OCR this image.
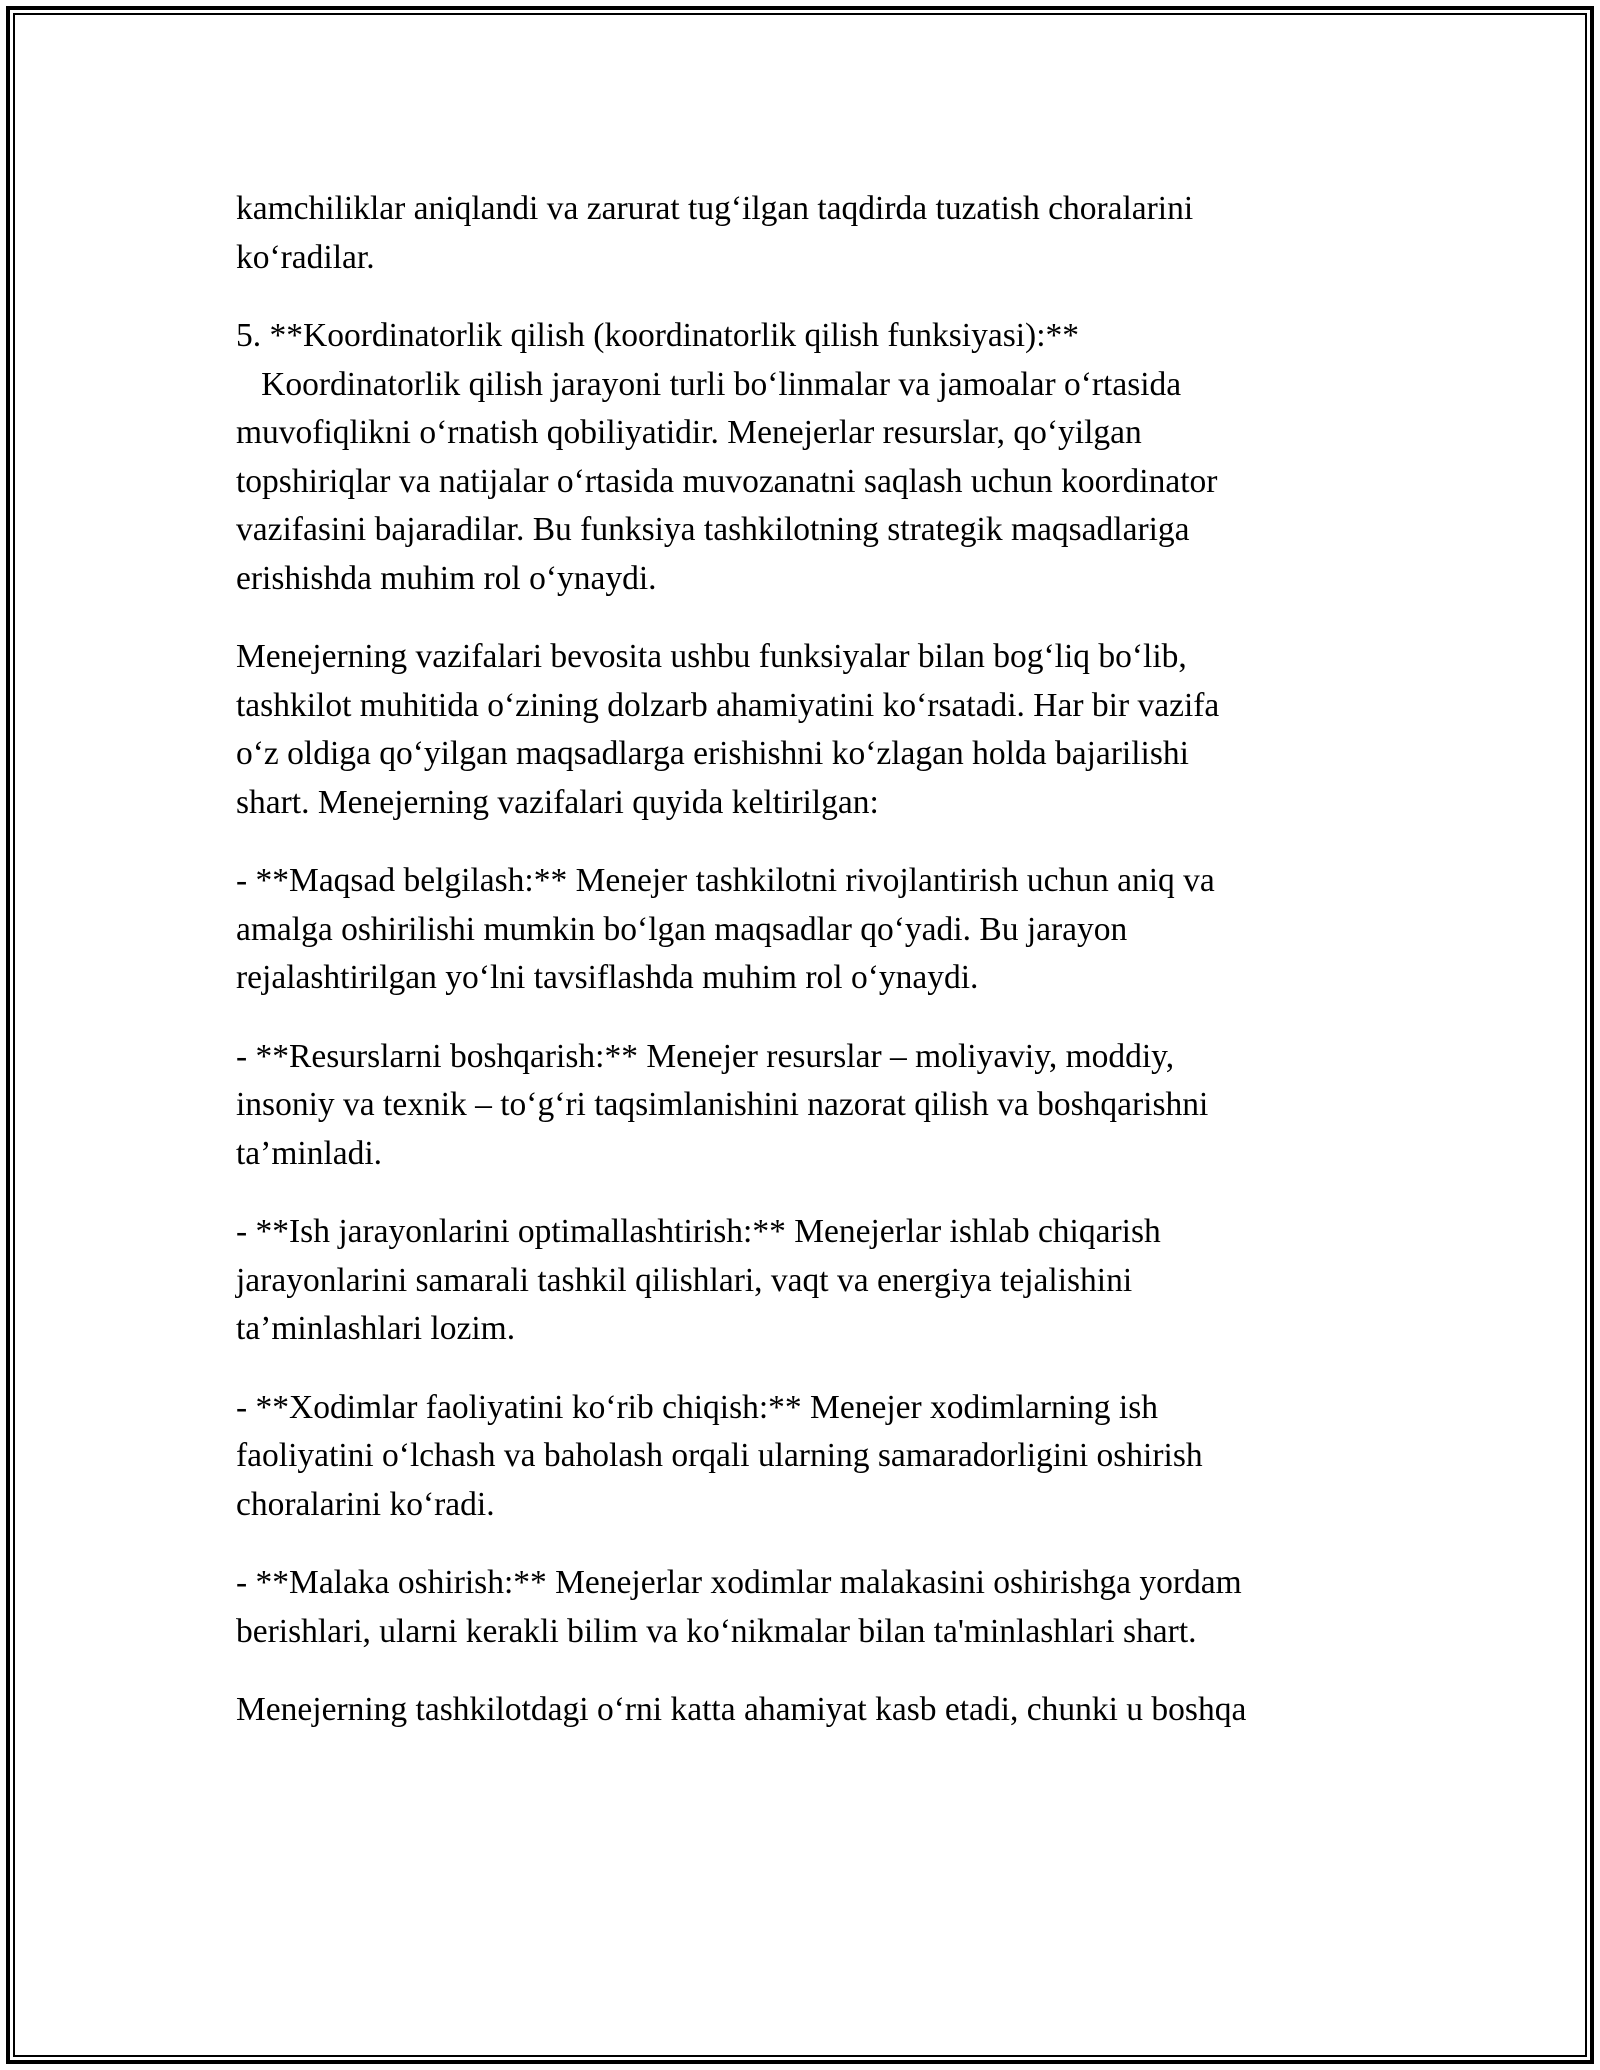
kamchiliklar aniqlandi va zarurat tug‘ilgan taqdirda tuzatish choralarini
ko‘radilar.
5. **Koordinatorlik qilish (koordinatorlik qilish funksiyasi):**
Koordinatorlik qilish jarayoni turli bo‘linmalar va jamoalar o‘rtasida
muvofiqlikni o‘rnatish qobiliyatidir. Menejerlar resurslar, qo‘yilgan
topshiriqlar va natijalar o‘rtasida muvozanatni saqlash uchun koordinator
vazifasini bajaradilar. Bu funksiya tashkilotning strategik maqsadlariga
erishishda muhim rol o‘ynaydi.
Menejerning vazifalari bevosita ushbu funksiyalar bilan bog‘liq bo‘lib,
tashkilot muhitida o‘zining dolzarb ahamiyatini ko‘rsatadi. Har bir vazifa
o‘z oldiga qo‘yilgan maqsadlarga erishishni ko‘zlagan holda bajarilishi
shart. Menejerning vazifalari quyida keltirilgan:
- **Maqsad belgilash:** Menejer tashkilotni rivojlantirish uchun aniq va
amalga oshirilishi mumkin bo‘lgan maqsadlar qo‘yadi. Bu jarayon
rejalashtirilgan yo‘lni tavsiflashda muhim rol o‘ynaydi.
- **Resurslarni boshqarish:** Menejer resurslar – moliyaviy, moddiy,
insoniy va texnik – to‘g‘ri taqsimlanishini nazorat qilish va boshqarishni
ta’minladi.
- **Ish jarayonlarini optimallashtirish:** Menejerlar ishlab chiqarish
jarayonlarini samarali tashkil qilishlari, vaqt va energiya tejalishini
ta’minlashlari lozim.
- **Xodimlar faoliyatini ko‘rib chiqish:** Menejer xodimlarning ish
faoliyatini o‘lchash va baholash orqali ularning samaradorligini oshirish
choralarini ko‘radi.
- **Malaka oshirish:** Menejerlar xodimlar malakasini oshirishga yordam
berishlari, ularni kerakli bilim va ko‘nikmalar bilan ta'minlashlari shart.
Menejerning tashkilotdagi o‘rni katta ahamiyat kasb etadi, chunki u boshqa
